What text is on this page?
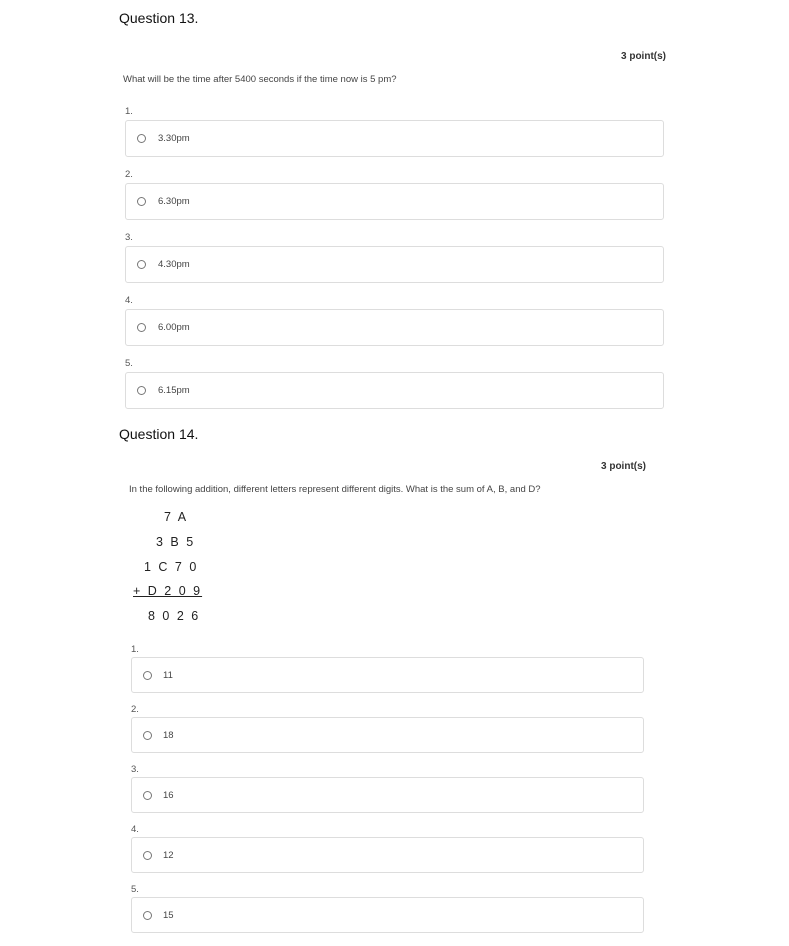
Question 13.
3 point(s)
What will be the time after 5400 seconds if the time now is 5 pm?
1.
3.30pm
2.
6.30pm
3.
4.30pm
4.
6.00pm
5.
6.15pm
Question 14.
3 point(s)
In the following addition, different letters represent different digits. What is the sum of A, B, and D?
7 A
3 B 5
1 C 7 0
+ D 2 0 9
8 0 2 6
1.
11
2.
18
3.
16
4.
12
5.
15
